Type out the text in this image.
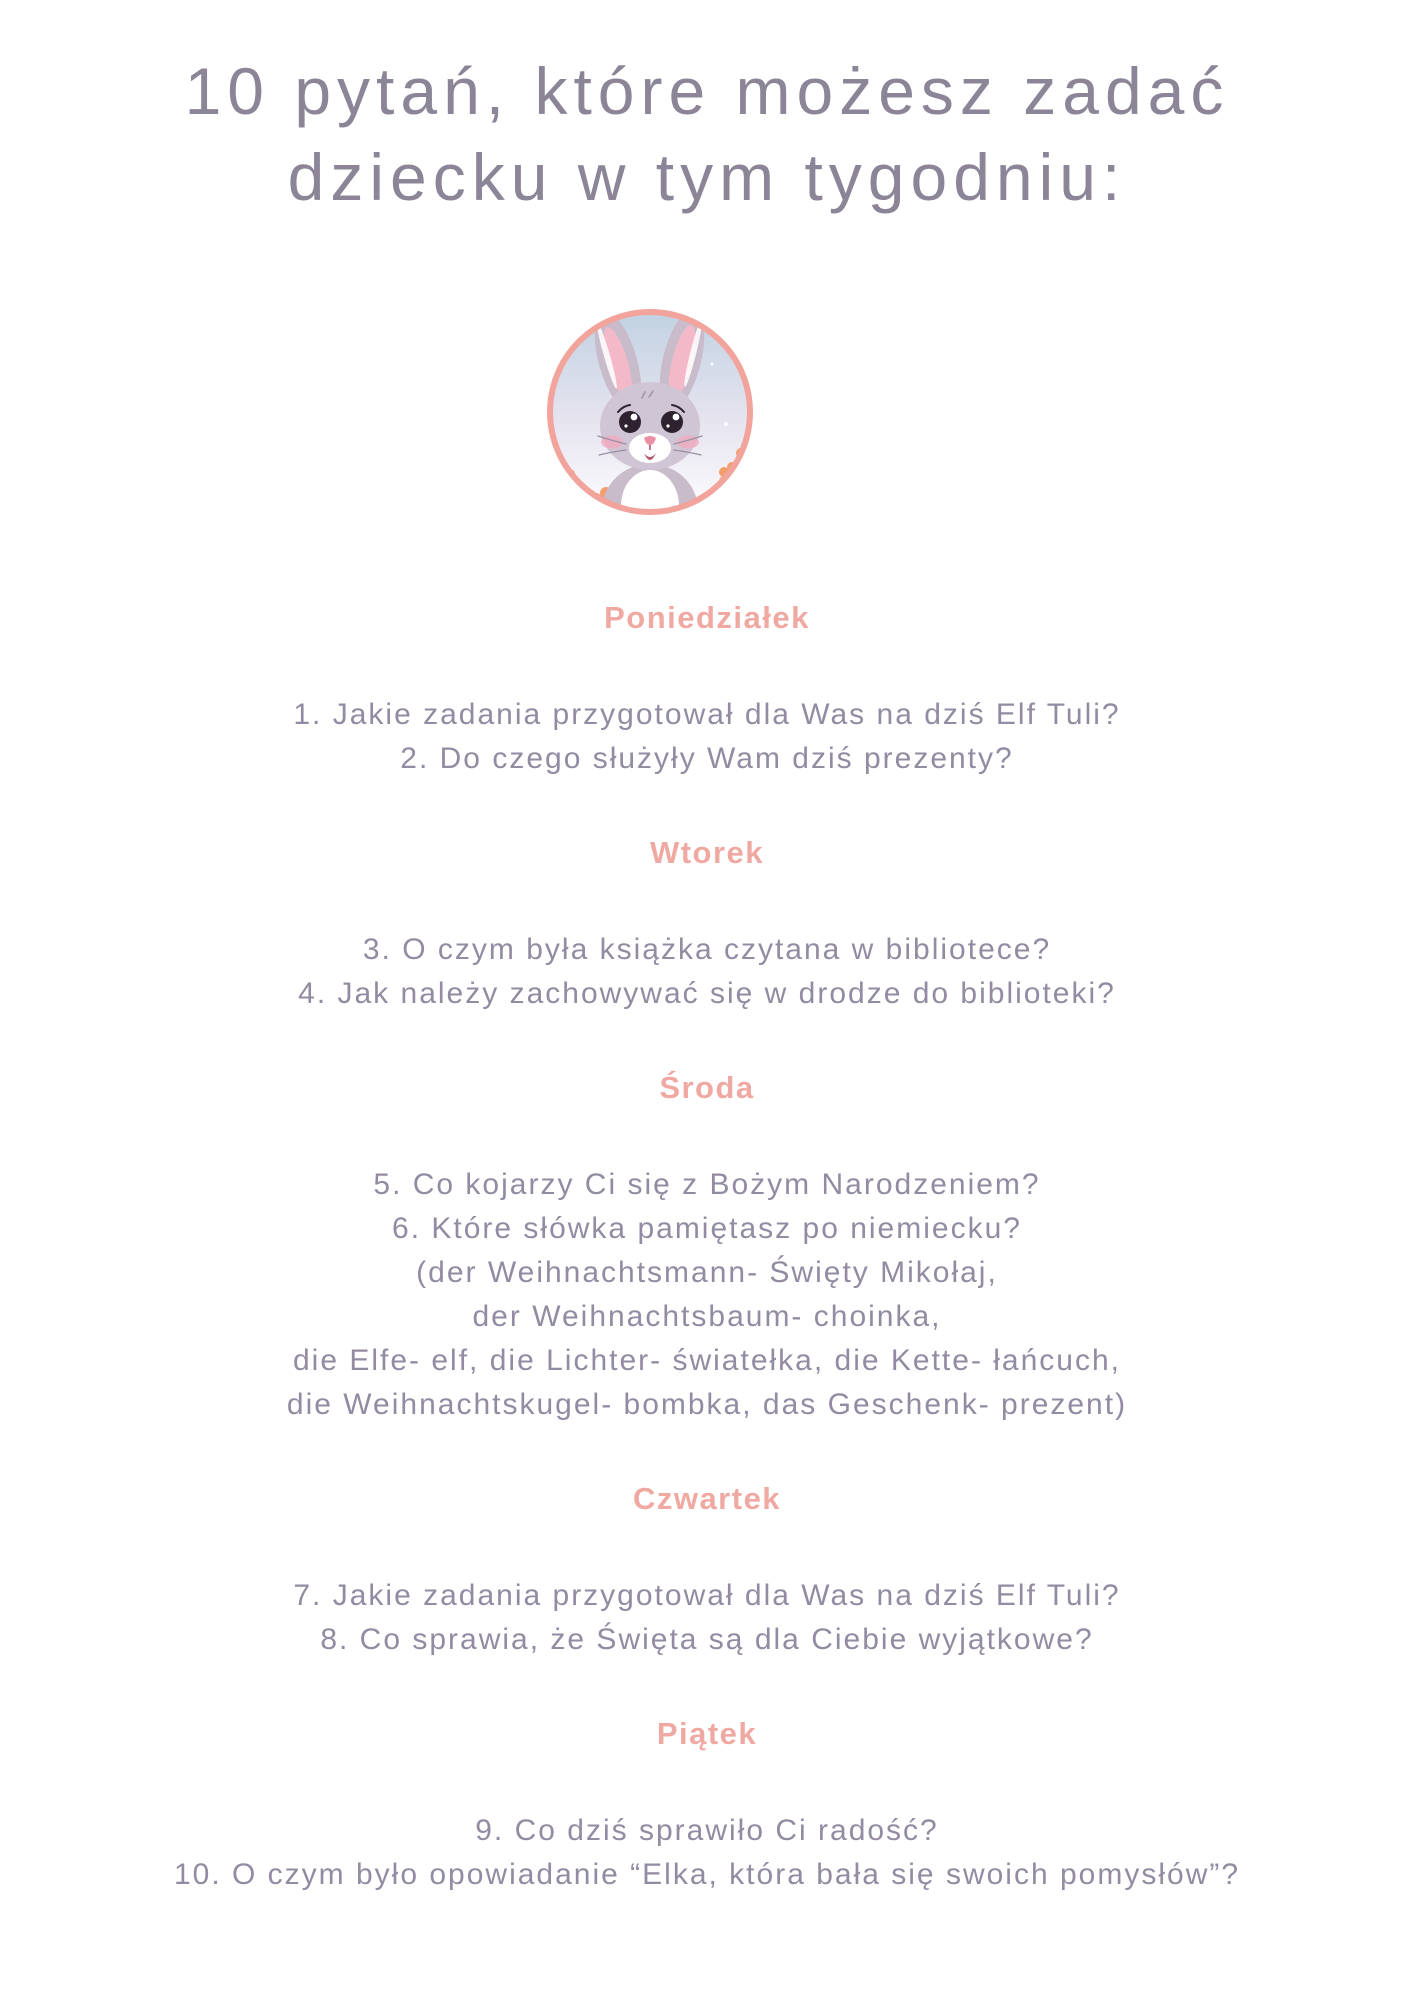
10 pytań, które możesz zadać
dziecku w tym tygodniu:
Poniedziałek

1. Jakie zadania przygotował dla Was na dziś Elf Tuli?

2. Do czego służyły Wam dziś prezenty?

Wtorek

3. O czym była książka czytana w bibliotece?

4. Jak należy zachowywać się w drodze do biblioteki?

Środa

5. Co kojarzy Ci się z Bożym Narodzeniem?

6. Które słówka pamiętasz po niemiecku?

(der Weihnachtsmann- Święty Mikołaj,

der Weihnachtsbaum- choinka,

die Elfe- elf, die Lichter- światełka, die Kette- łańcuch,

die Weihnachtskugel- bombka, das Geschenk- prezent)

Czwartek

7. Jakie zadania przygotował dla Was na dziś Elf Tuli?

8. Co sprawia, że Święta są dla Ciebie wyjątkowe?

Piątek

9. Co dziś sprawiło Ci radość?

10. O czym było opowiadanie “Elka, która bała się swoich pomysłów”?
